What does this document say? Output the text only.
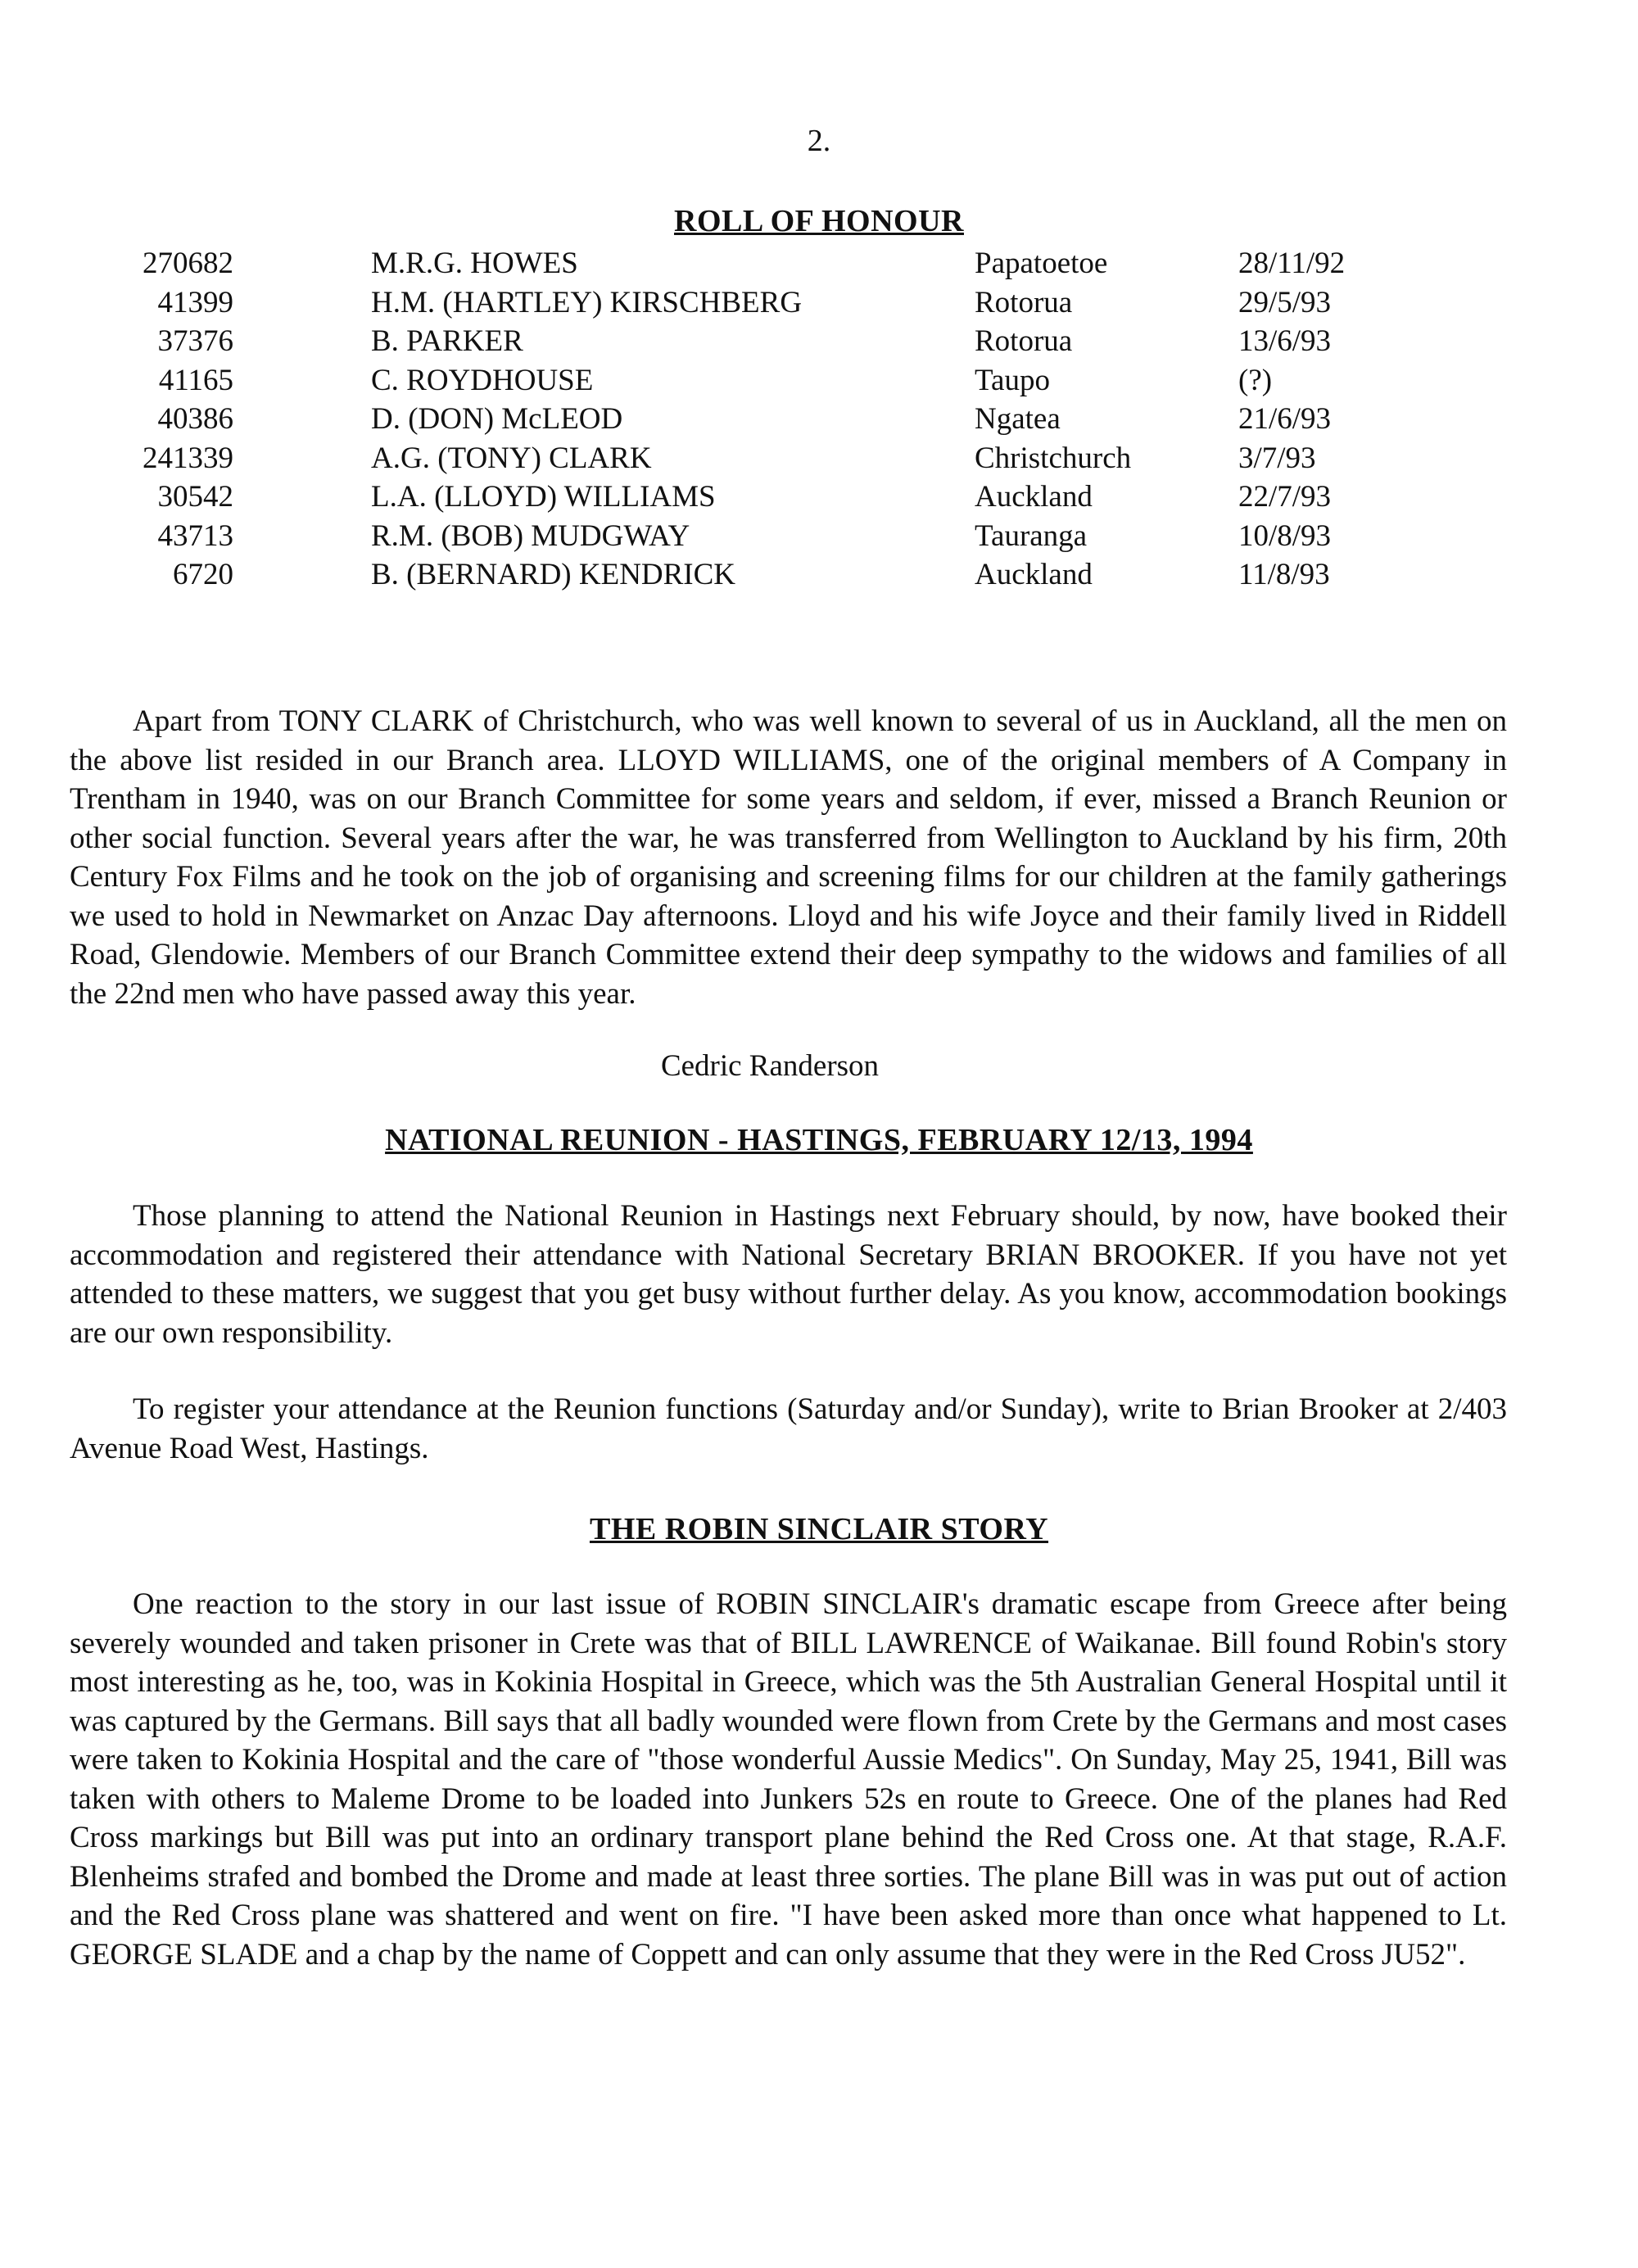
2.
ROLL OF HONOUR
270682	M.R.G. HOWES	Papatoetoe	28/11/92
41399	H.M. (HARTLEY) KIRSCHBERG	Rotorua	29/5/93
37376	B. PARKER	Rotorua	13/6/93
41165	C. ROYDHOUSE	Taupo	(?)
40386	D. (DON) McLEOD	Ngatea	21/6/93
241339	A.G. (TONY) CLARK	Christchurch	3/7/93
30542	L.A. (LLOYD) WILLIAMS	Auckland	22/7/93
43713	R.M. (BOB) MUDGWAY	Tauranga	10/8/93
6720	B. (BERNARD) KENDRICK	Auckland	11/8/93

Apart from TONY CLARK of Christchurch, who was well known to several of us in Auckland, all the men on the above list resided in our Branch area. LLOYD WILLIAMS, one of the original members of A Company in Trentham in 1940, was on our Branch Committee for some years and seldom, if ever, missed a Branch Reunion or other social function. Several years after the war, he was transferred from Wellington to Auckland by his firm, 20th Century Fox Films and he took on the job of organising and screening films for our children at the family gatherings we used to hold in Newmarket on Anzac Day afternoons. Lloyd and his wife Joyce and their family lived in Riddell Road, Glendowie. Members of our Branch Committee extend their deep sympathy to the widows and families of all the 22nd men who have passed away this year.

Cedric Randerson
NATIONAL REUNION - HASTINGS, FEBRUARY 12/13, 1994

Those planning to attend the National Reunion in Hastings next February should, by now, have booked their accommodation and registered their attendance with National Secretary BRIAN BROOKER. If you have not yet attended to these matters, we suggest that you get busy without further delay. As you know, accommodation bookings are our own responsibility.

To register your attendance at the Reunion functions (Saturday and/or Sunday), write to Brian Brooker at 2/403 Avenue Road West, Hastings.

THE ROBIN SINCLAIR STORY

One reaction to the story in our last issue of ROBIN SINCLAIR's dramatic escape from Greece after being severely wounded and taken prisoner in Crete was that of BILL LAWRENCE of Waikanae. Bill found Robin's story most interesting as he, too, was in Kokinia Hospital in Greece, which was the 5th Australian General Hospital until it was captured by the Germans. Bill says that all badly wounded were flown from Crete by the Germans and most cases were taken to Kokinia Hospital and the care of "those wonderful Aussie Medics". On Sunday, May 25, 1941, Bill was taken with others to Maleme Drome to be loaded into Junkers 52s en route to Greece. One of the planes had Red Cross markings but Bill was put into an ordinary transport plane behind the Red Cross one. At that stage, R.A.F. Blenheims strafed and bombed the Drome and made at least three sorties. The plane Bill was in was put out of action and the Red Cross plane was shattered and went on fire. "I have been asked more than once what happened to Lt. GEORGE SLADE and a chap by the name of Coppett and can only assume that they were in the Red Cross JU52".
